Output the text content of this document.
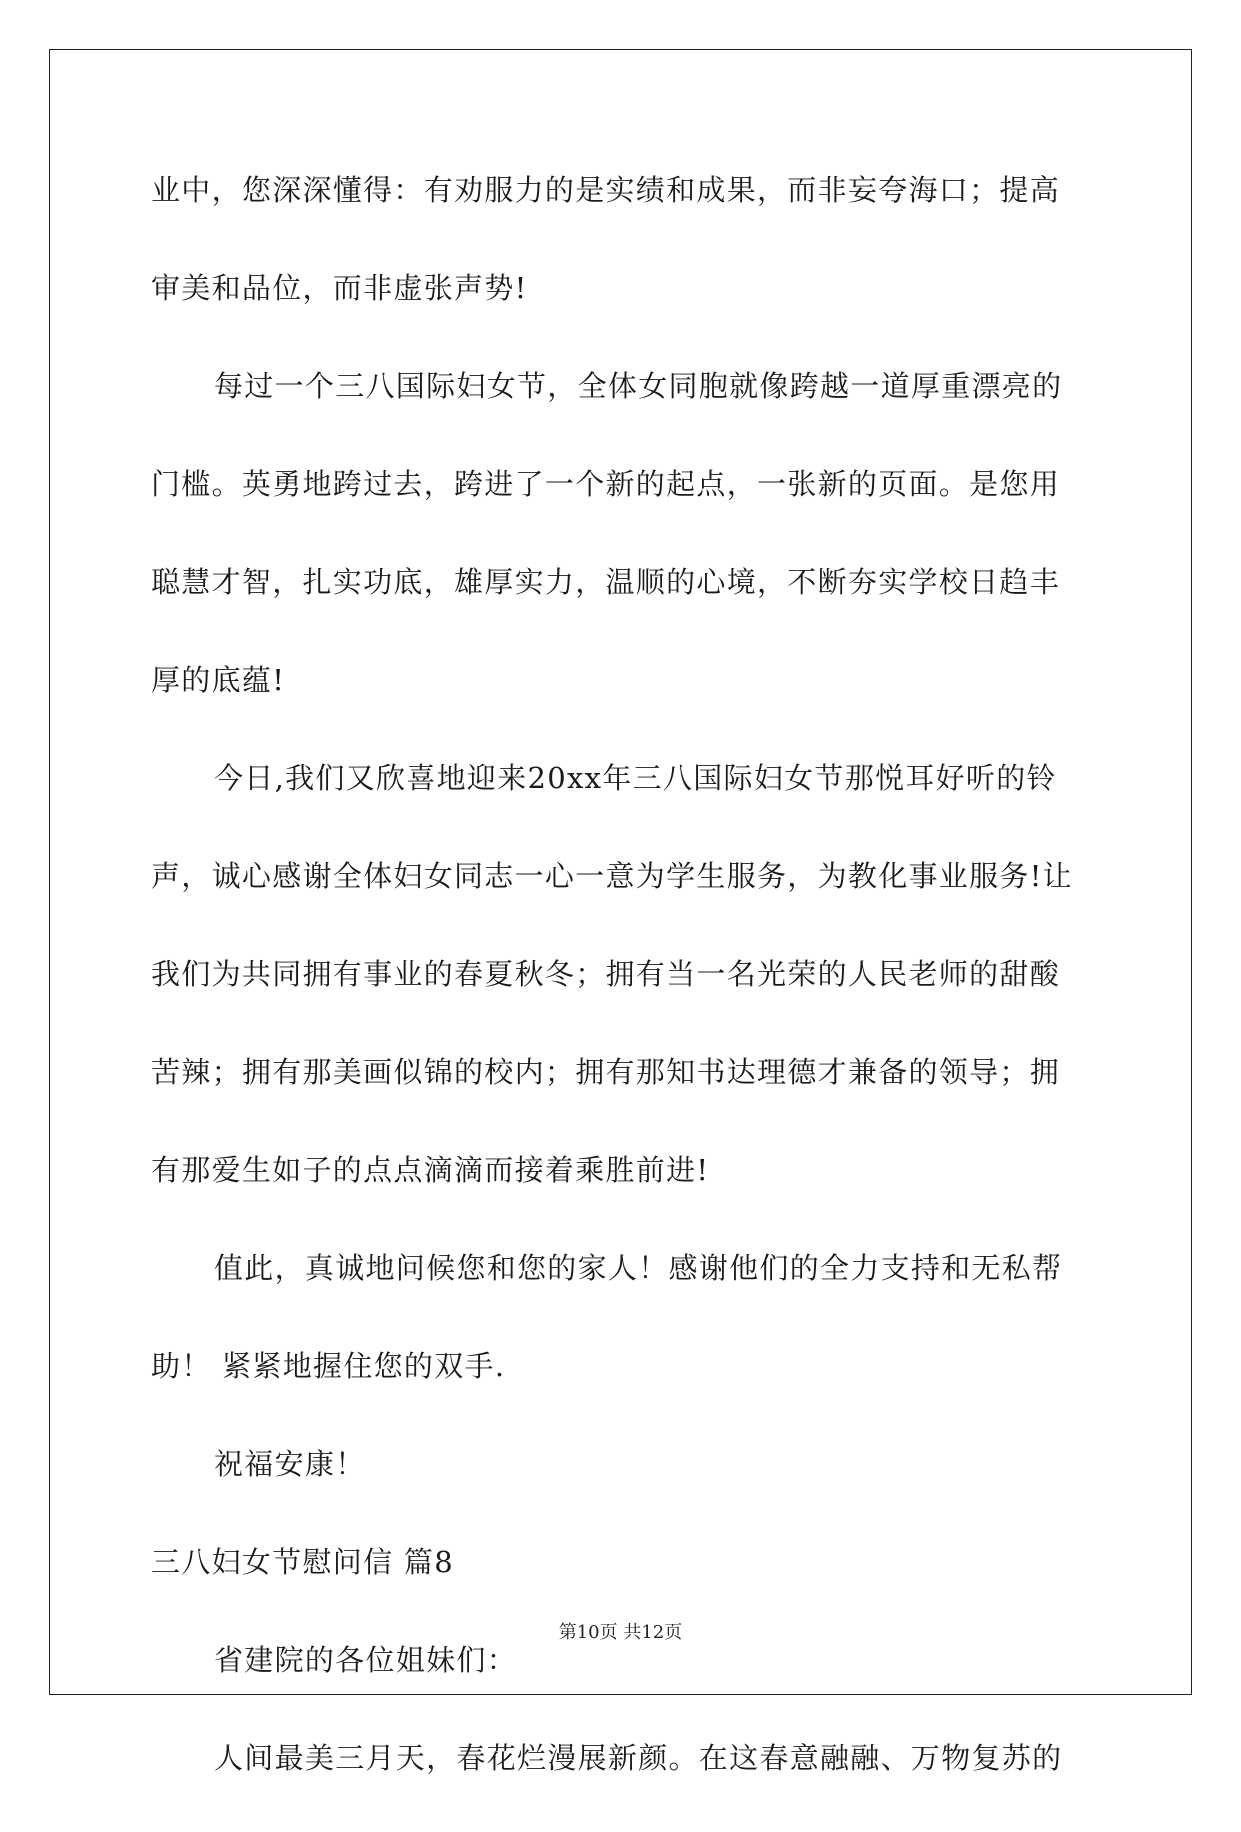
业中，您深深懂得：有劝服力的是实绩和成果，而非妄夸海口；提高
审美和品位，而非虚张声势!
每过一个三八国际妇女节，全体女同胞就像跨越一道厚重漂亮的
门槛。英勇地跨过去，跨进了一个新的起点，一张新的页面。是您用
聪慧才智，扎实功底，雄厚实力，温顺的心境，不断夯实学校日趋丰
厚的底蕴!
今日,我们又欣喜地迎来20xx年三八国际妇女节那悦耳好听的铃
声，诚心感谢全体妇女同志一心一意为学生服务，为教化事业服务!让
我们为共同拥有事业的春夏秋冬；拥有当一名光荣的人民老师的甜酸
苦辣；拥有那美画似锦的校内；拥有那知书达理德才兼备的领导；拥
有那爱生如子的点点滴滴而接着乘胜前进!
值此，真诚地问候您和您的家人！感谢他们的全力支持和无私帮
助！ 紧紧地握住您的双手.
祝福安康！
三八妇女节慰问信 篇8
省建院的各位姐妹们：
人间最美三月天，春花烂漫展新颜。在这春意融融、万物复苏的
第10页 共12页
